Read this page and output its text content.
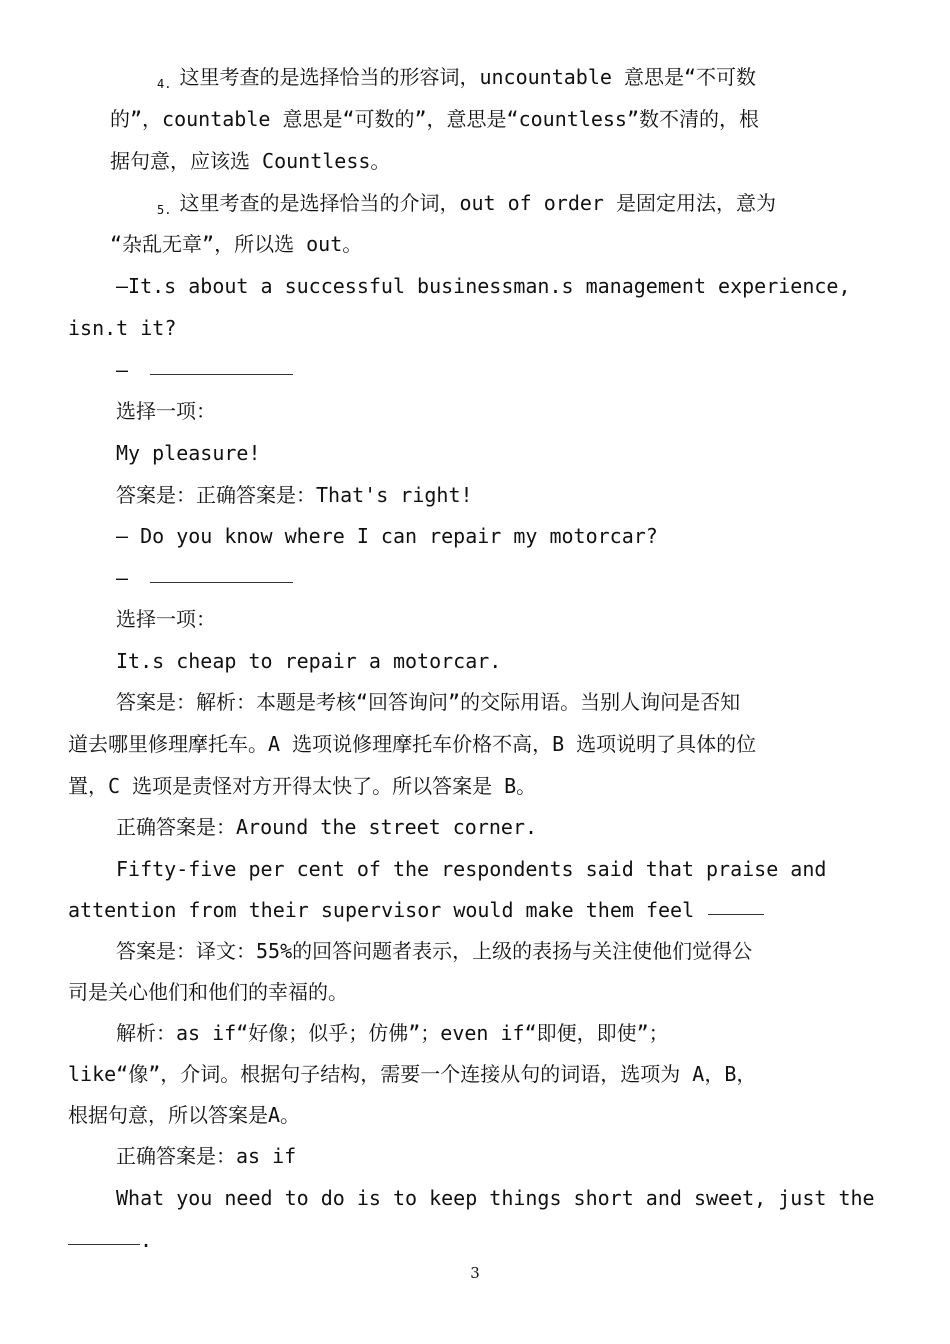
$_{4.}$ 这里考查的是选择恰当的形容词，uncountable 意思是“不可数
的”，countable 意思是“可数的”，意思是“countless”数不清的，根
据句意，应该选 Countless。
$_{5.}$ 这里考查的是选择恰当的介词，out of order 是固定用法，意为
“杂乱无章”，所以选 out。
—It.s about a successful businessman.s management experience,
isn.t it?
—
选择一项：
My pleasure!
答案是：正确答案是：That's right!
— Do you know where I can repair my motorcar?
—
选择一项：
It.s cheap to repair a motorcar.
答案是：解析：本题是考核“回答询问”的交际用语。当别人询问是否知
道去哪里修理摩托车。A 选项说修理摩托车价格不高，B 选项说明了具体的位
置，C 选项是责怪对方开得太快了。所以答案是 B。
正确答案是：Around the street corner.
Fifty-five per cent of the respondents said that praise and
attention from their supervisor would make them feel
答案是：译文：55%的回答问题者表示，上级的表扬与关注使他们觉得公
司是关心他们和他们的幸福的。
解析：as if“好像；似乎；仿佛”；even if“即便，即使”；
like“像”，介词。根据句子结构，需要一个连接从句的词语，选项为 A，B，
根据句意，所以答案是A。
正确答案是：as if
What you need to do is to keep things short and sweet, just the
.
3
